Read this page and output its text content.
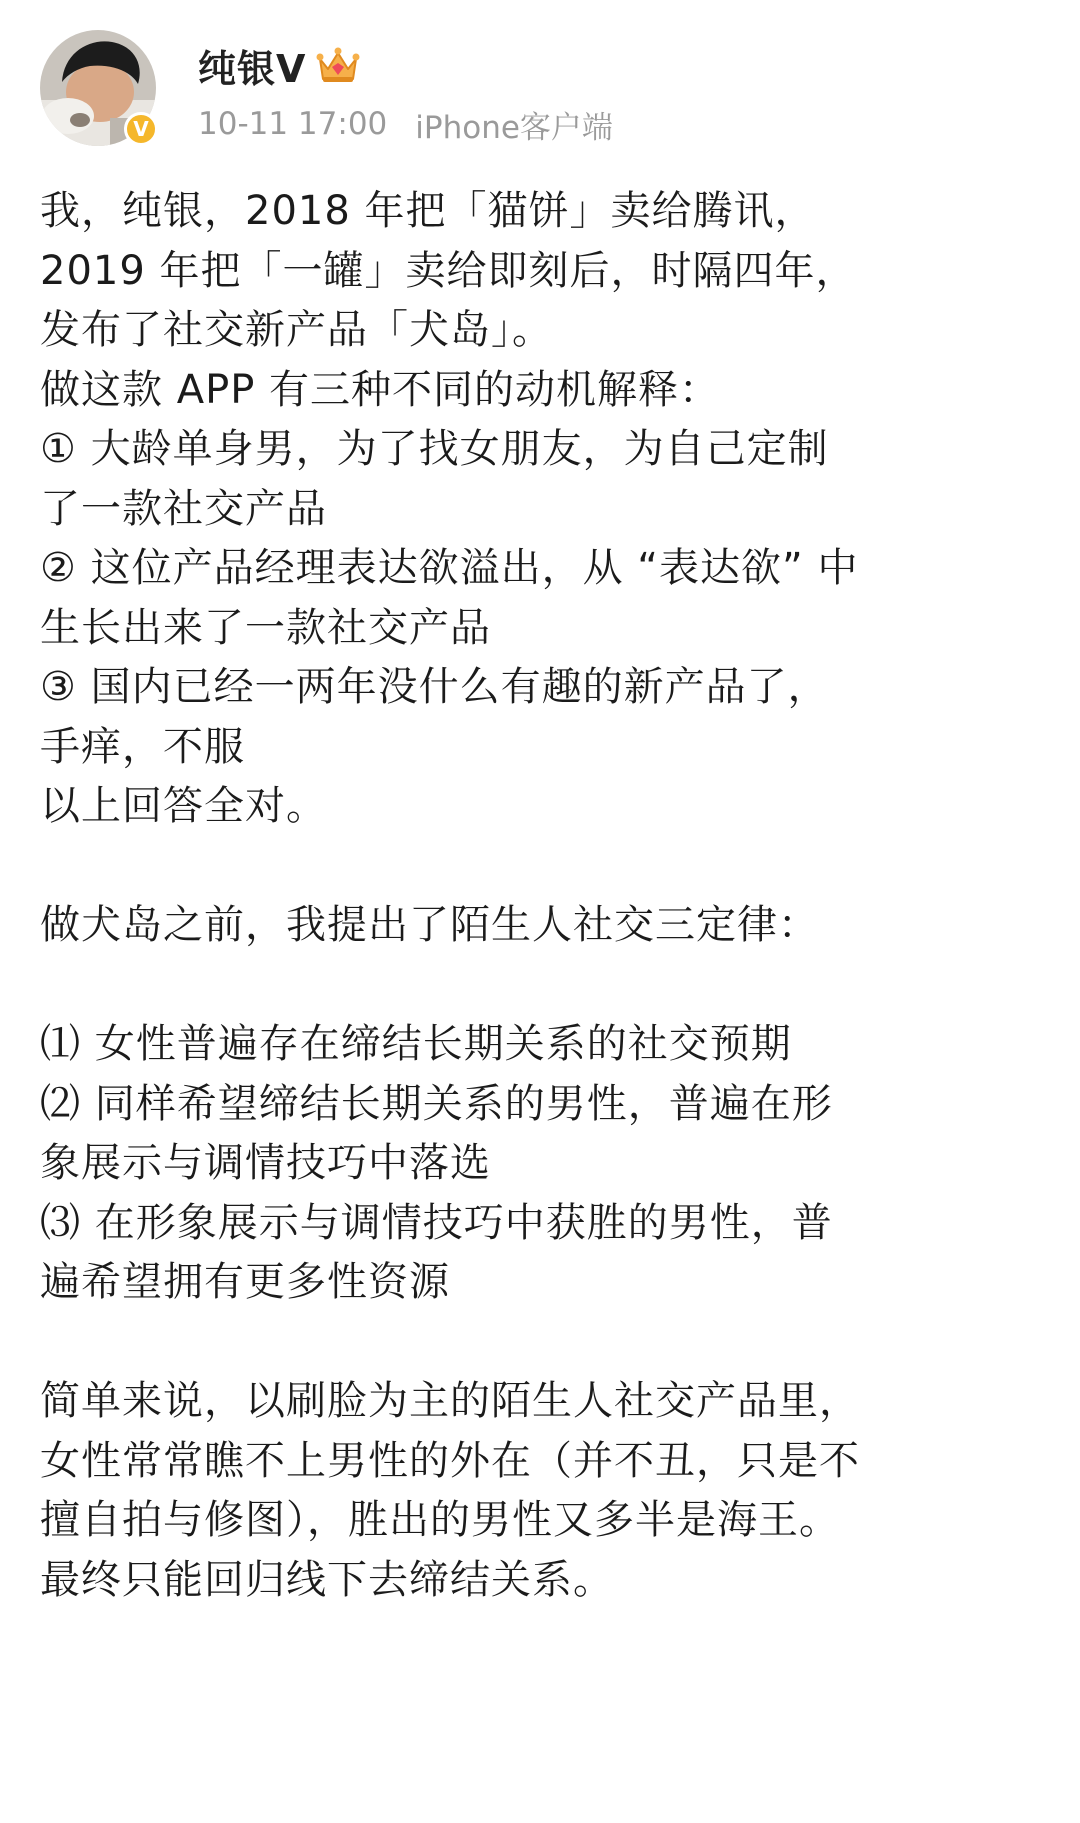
V
纯银V
10-11 17:00 iPhone客户端
我，纯银，2018 年把「猫饼」卖给腾讯，
2019 年把「一罐」卖给即刻后，时隔四年，
发布了社交新产品「犬岛」。
做这款 APP 有三种不同的动机解释：
① 大龄单身男，为了找女朋友，为自己定制
了一款社交产品
② 这位产品经理表达欲溢出，从 “表达欲” 中
生长出来了一款社交产品
③ 国内已经一两年没什么有趣的新产品了，
手痒，不服
以上回答全对。
做犬岛之前，我提出了陌生人社交三定律：
⑴ 女性普遍存在缔结长期关系的社交预期
⑵ 同样希望缔结长期关系的男性，普遍在形
象展示与调情技巧中落选
⑶ 在形象展示与调情技巧中获胜的男性，普
遍希望拥有更多性资源
简单来说，以刷脸为主的陌生人社交产品里，
女性常常瞧不上男性的外在（并不丑，只是不
擅自拍与修图），胜出的男性又多半是海王。
最终只能回归线下去缔结关系。
